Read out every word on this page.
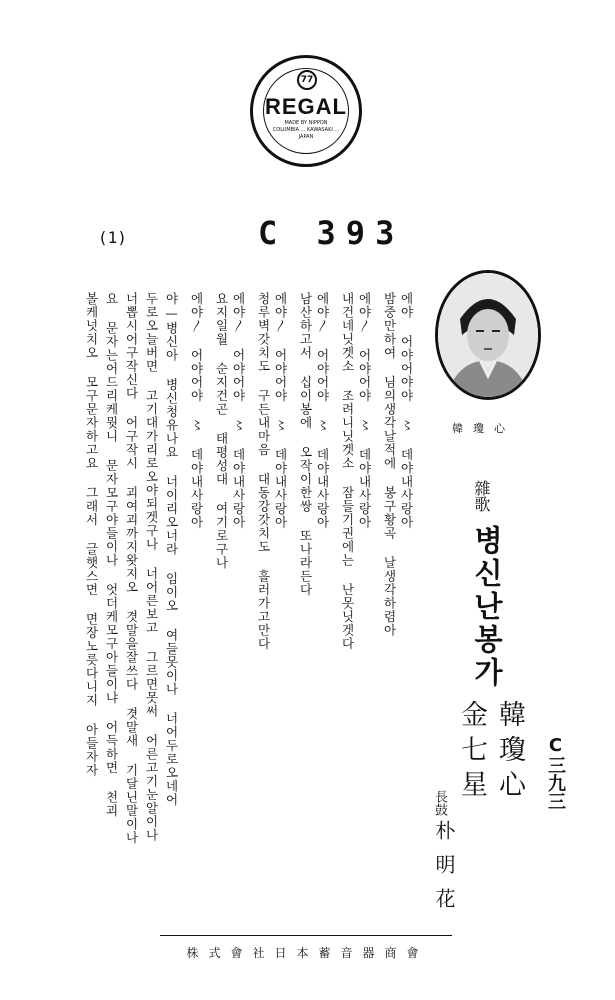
77
REGAL
MADE BY NIPPON COLUMBIA ... KAWASAKI ... JAPAN
(1)	C 393
韓瓊心
에야 어야어야야 〻 데야내사랑아
밤중만하여 님의생각날적에 봉구황곡 날생각하렴아
에야〳 어야어야 〻 데야내사랑아
내건네닛겟소 조려니닛겟소 잠들기권에는 난못닛겟다
에야〳 어야어야 〻 데야내사랑아
남산하고서 십이봉에 오작이한쌍 또나라든다
에야〳 어야어야 〻 데야내사랑아
청루벽갓치도 구든내마음 대동강갓치도 흘러가고만다
에야〳 어야어야 〻 데야내사랑아
요지일월 순지건곤 태평성대 여기로구나
에야〳 어야어야 〻 데야내사랑아
야—병신아 병신청유나요 너이리오너라 임이오 여들못이나 너어두로오네어
두로오늘버면 고기대가리로오야되겟구나 너어른보고 그르면못써 어른고기눈알이나
너뽑시어구작신다 어구작시 괴여괴까지왓지오 겻말을잘쓰다 겻말새 기달닌말이나
요 문자는어드리케뭣니 문자모구야들이나 엇더케모구아들이냐 어득하면 천괴
볼케넛치오 모구문자하고요 그래서 글햇스면 면장노릇다니지 아들자자	雜歌
병신난봉가
韓瓊心 C三九三
金七星
長鼓
朴明花
株式會社日本蓄音器商會
